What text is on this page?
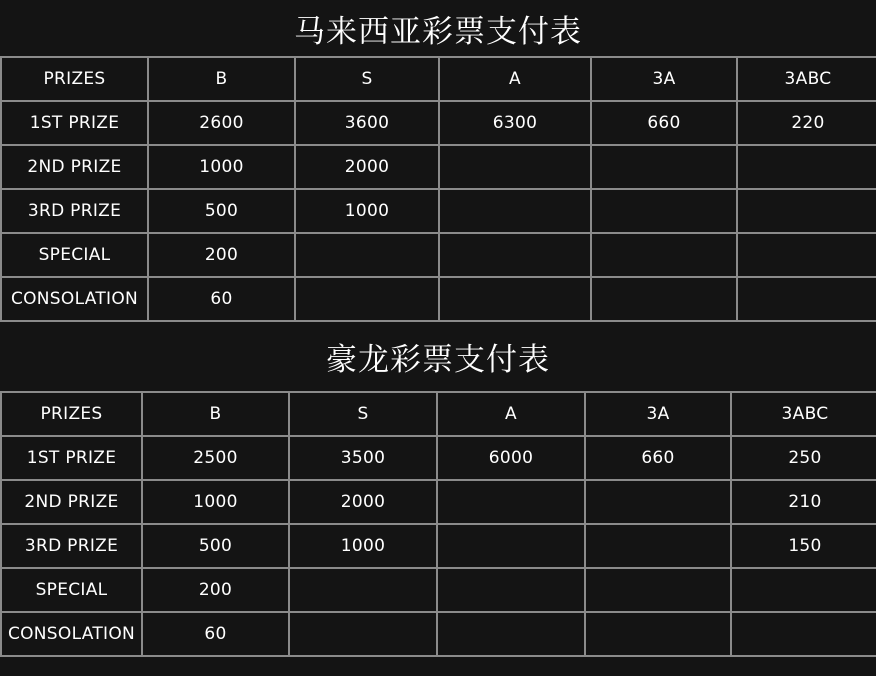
马来西亚彩票支付表
PRIZES	B	S	A	3A	3ABC
1ST PRIZE	2600	3600	6300	660	220
2ND PRIZE	1000	2000			
3RD PRIZE	500	1000			
SPECIAL	200				
CONSOLATION	60				
豪龙彩票支付表
PRIZES	B	S	A	3A	3ABC
1ST PRIZE	2500	3500	6000	660	250
2ND PRIZE	1000	2000			210
3RD PRIZE	500	1000			150
SPECIAL	200				
CONSOLATION	60				
